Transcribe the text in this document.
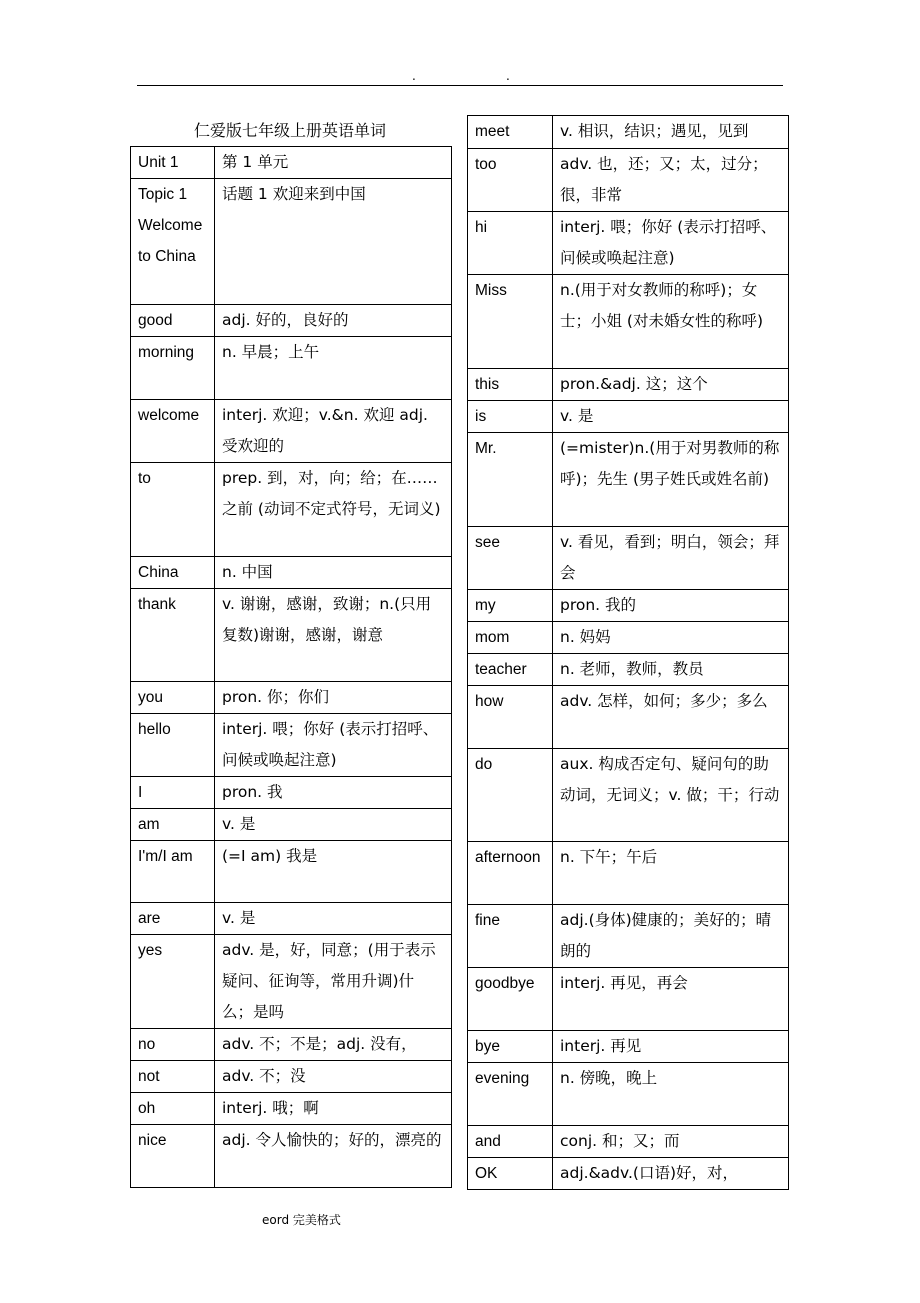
.	.
仁爱版七年级上册英语单词
Unit 1	第 1 单元
Topic 1 Welcome to China	话题 1 欢迎来到中国
good	adj. 好的，良好的
morning	n. 早晨；上午
welcome	interj. 欢迎；v.&n. 欢迎 adj. 受欢迎的
to	prep. 到，对，向；给；在……之前 (动词不定式符号，无词义)
China	n. 中国
thank	v. 谢谢，感谢，致谢；n.(只用复数)谢谢，感谢，谢意
you	pron. 你；你们
hello	interj. 喂；你好 (表示打招呼、问候或唤起注意)
I	pron. 我
am	v. 是
I'm/I am	(=I am) 我是
are	v. 是
yes	adv. 是，好，同意；(用于表示疑问、征询等，常用升调)什么；是吗
no	adv. 不；不是；adj. 没有，
not	adv. 不；没
oh	interj. 哦；啊
nice	adj. 令人愉快的；好的，漂亮的
meet	v. 相识，结识；遇见，见到
too	adv. 也，还；又；太，过分；很，非常
hi	interj. 喂；你好 (表示打招呼、问候或唤起注意)
Miss	n.(用于对女教师的称呼)；女士；小姐 (对未婚女性的称呼)
this	pron.&adj. 这；这个
is	v. 是
Mr.	(=mister)n.(用于对男教师的称呼)；先生 (男子姓氏或姓名前)
see	v. 看见，看到；明白，领会；拜会
my	pron. 我的
mom	n. 妈妈
teacher	n. 老师，教师，教员
how	adv. 怎样，如何；多少；多么
do	aux. 构成否定句、疑问句的助动词，无词义；v. 做；干；行动
afternoon	n. 下午；午后
fine	adj.(身体)健康的；美好的；晴朗的
goodbye	interj. 再见，再会
bye	interj. 再见
evening	n. 傍晚，晚上
and	conj. 和；又；而
OK	adj.&adv.(口语)好，对，
eord 完美格式
